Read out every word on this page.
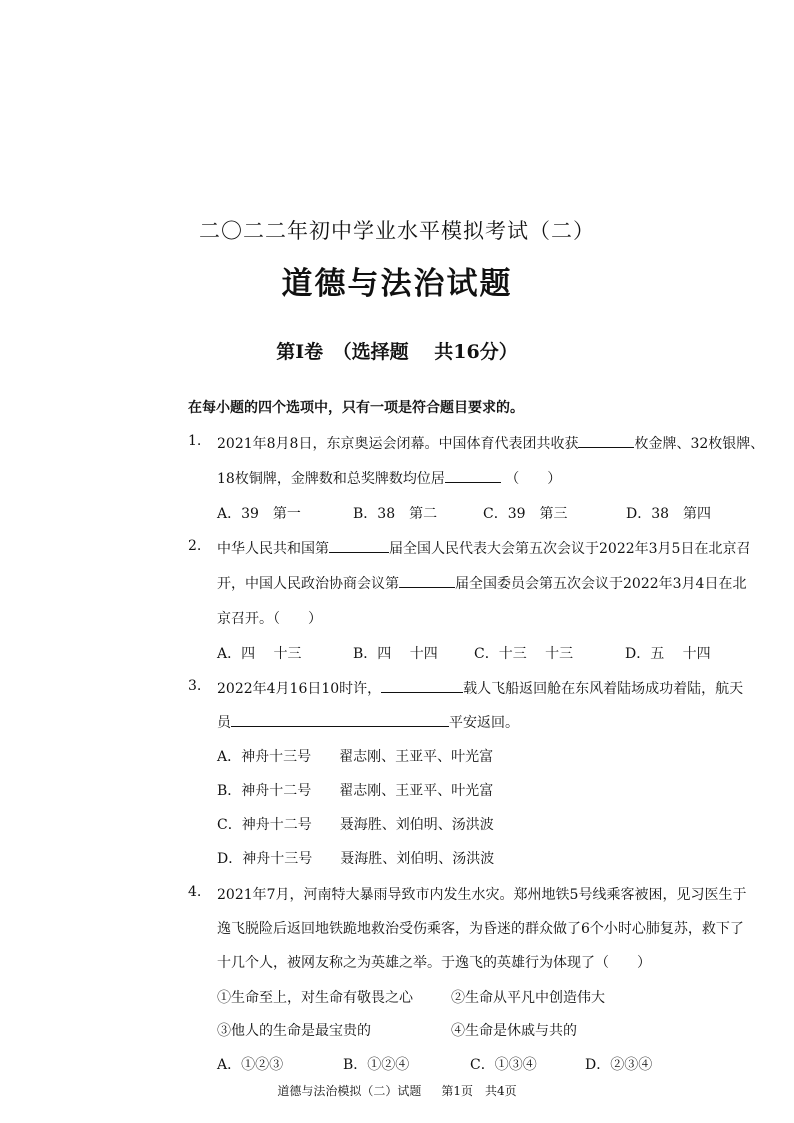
二〇二二年初中学业水平模拟考试（二）
道德与法治试题
第Ⅰ卷　（选择题　 共16分）
在每小题的四个选项中，只有一项是符合题目要求的。
1. 2021年8月8日，东京奥运会闭幕。中国体育代表团共收获	枚金牌、32枚银牌、
18枚铜牌，金牌数和总奖牌数均位居	（　　）
A．39　第一	B．38　第二	C．39　第三	D．38　第四
2. 中华人民共和国第	届全国人民代表大会第五次会议于2022年3月5日在北京召
开，中国人民政治协商会议第	届全国委员会第五次会议于2022年3月4日在北
京召开。（　　）
A．四　 十三	B．四　 十四	C．十三　 十三	D．五　 十四
3. 2022年4月16日10时许，	载人飞船返回舱在东风着陆场成功着陆，航天
员	平安返回。
A．神舟十三号　　翟志刚、王亚平、叶光富
B．神舟十二号　　翟志刚、王亚平、叶光富
C．神舟十二号　　聂海胜、刘伯明、汤洪波
D．神舟十三号　　聂海胜、刘伯明、汤洪波
4. 2021年7月，河南特大暴雨导致市内发生水灾。郑州地铁5号线乘客被困，见习医生于
逸飞脱险后返回地铁跪地救治受伤乘客，为昏迷的群众做了6个小时心肺复苏，救下了
十几个人，被网友称之为英雄之举。于逸飞的英雄行为体现了（　　）
①生命至上，对生命有敬畏之心	②生命从平凡中创造伟大
③他人的生命是最宝贵的	④生命是休戚与共的
A．①②③	B．①②④	C．①③④	D．②③④
道德与法治模拟（二）试题 第1页　共4页
